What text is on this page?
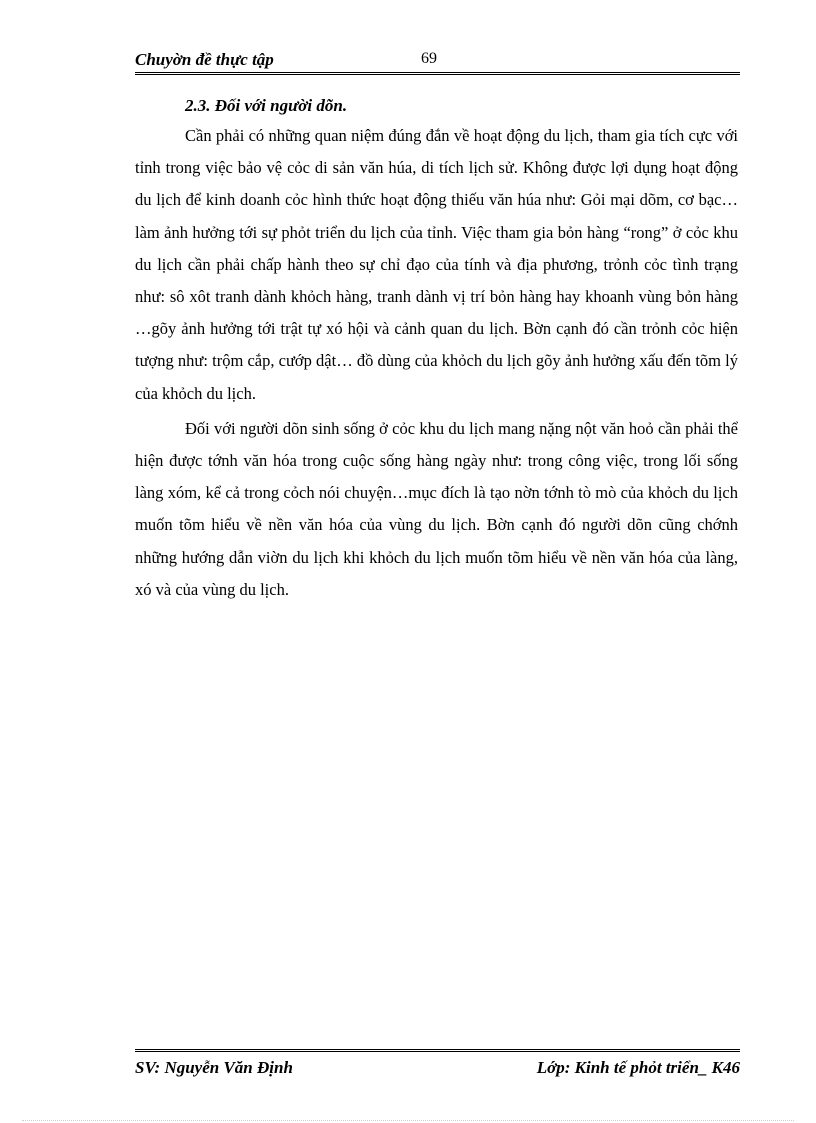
Chuyờn đề thực tập	69

2.3. Đối với người dõn.

Cần phải có những quan niệm đúng đắn về hoạt động du lịch, tham gia tích cực với tỉnh trong việc bảo vệ cỏc di sản văn húa, di tích lịch sử. Không được lợi dụng hoạt động du lịch để kinh doanh cỏc hình thức hoạt động thiếu văn húa như: Gỏi mại dõm, cơ bạc…làm ảnh hưởng tới sự phỏt triển du lịch của tỉnh. Việc tham gia bỏn hàng “rong” ở cỏc khu du lịch cần phải chấp hành theo sự chỉ đạo của tính và địa phương, trỏnh cỏc tình trạng như: sô xôt tranh dành khỏch hàng, tranh dành vị trí bỏn hàng hay khoanh vùng bỏn hàng …gõy ảnh hưởng tới trật tự xó hội và cảnh quan du lịch. Bờn cạnh đó cần trỏnh cỏc hiện tượng như: trộm cắp, cướp dật… đồ dùng của khỏch du lịch gõy ảnh hưởng xấu đến tõm lý của khỏch du lịch.

Đối với người dõn sinh sống ở cỏc khu du lịch mang nặng nột văn hoỏ cần phải thể hiện được tớnh văn hóa trong cuộc sống hàng ngày như: trong công việc, trong lối sống làng xóm, kể cả trong cỏch nói chuyện…mục đích là tạo nờn tớnh tò mò của khỏch du lịch muốn tõm hiểu về nền văn hóa của vùng du lịch. Bờn cạnh đó người dõn cũng chớnh những hướng dẫn viờn du lịch khi khỏch du lịch muốn tõm hiểu về nền văn hóa của làng, xó và của vùng du lịch.

SV: Nguyễn Văn Định	Lớp: Kinh tế phỏt triển_ K46
